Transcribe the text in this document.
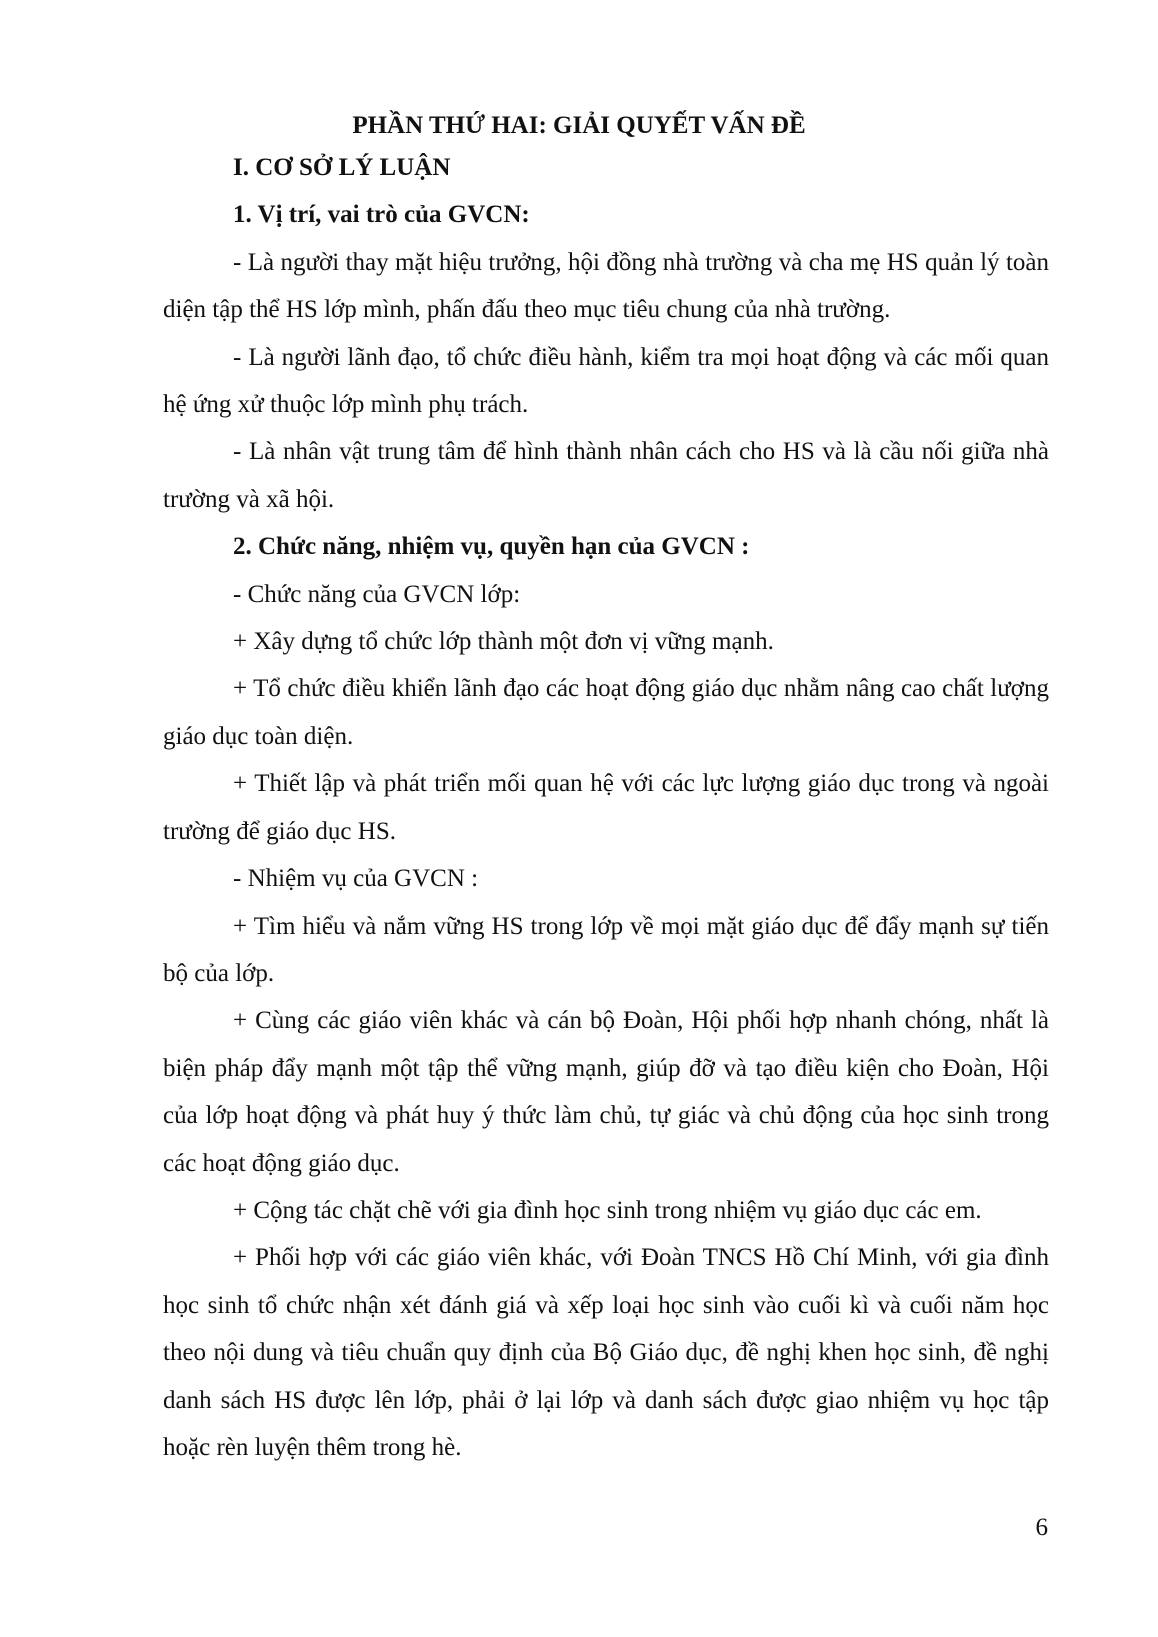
PHẦN THỨ HAI: GIẢI QUYẾT VẤN ĐỀ

I. CƠ SỞ LÝ LUẬN

1. Vị trí, vai trò của GVCN:

- Là người thay mặt hiệu trưởng, hội đồng nhà trường và cha mẹ HS quản lý toàn diện tập thể HS lớp mình, phấn đấu theo mục tiêu chung của nhà trường.

- Là người lãnh đạo, tổ chức điều hành, kiểm tra mọi hoạt động và các mối quan hệ ứng xử thuộc lớp mình phụ trách.

- Là nhân vật trung tâm để hình thành nhân cách cho HS và là cầu nối giữa nhà trường và xã hội.

2. Chức năng, nhiệm vụ, quyền hạn của GVCN :

- Chức năng của GVCN lớp:

+ Xây dựng tổ chức lớp thành một đơn vị vững mạnh.

+ Tổ chức điều khiển lãnh đạo các hoạt động giáo dục nhằm nâng cao chất lượng giáo dục toàn diện.

+ Thiết lập và phát triển mối quan hệ với các lực lượng giáo dục trong và ngoài trường để giáo dục HS.

- Nhiệm vụ của GVCN :

+ Tìm hiểu và nắm vững HS trong lớp về mọi mặt giáo dục để đẩy mạnh sự tiến bộ của lớp.

+ Cùng các giáo viên khác và cán bộ Đoàn, Hội phối hợp nhanh chóng, nhất là biện pháp đẩy mạnh một tập thể vững mạnh, giúp đỡ và tạo điều kiện cho Đoàn, Hội của lớp hoạt động và phát huy ý thức làm chủ, tự giác và chủ động của học sinh trong các hoạt động giáo dục.

+ Cộng tác chặt chẽ với gia đình học sinh trong nhiệm vụ giáo dục các em.

+ Phối hợp với các giáo viên khác, với Đoàn TNCS Hồ Chí Minh, với gia đình học sinh tổ chức nhận xét đánh giá và xếp loại học sinh vào cuối kì và cuối năm học theo nội dung và tiêu chuẩn quy định của Bộ Giáo dục, đề nghị khen học sinh, đề nghị danh sách HS được lên lớp, phải ở lại lớp và danh sách được giao nhiệm vụ học tập hoặc rèn luyện thêm trong hè.

6
